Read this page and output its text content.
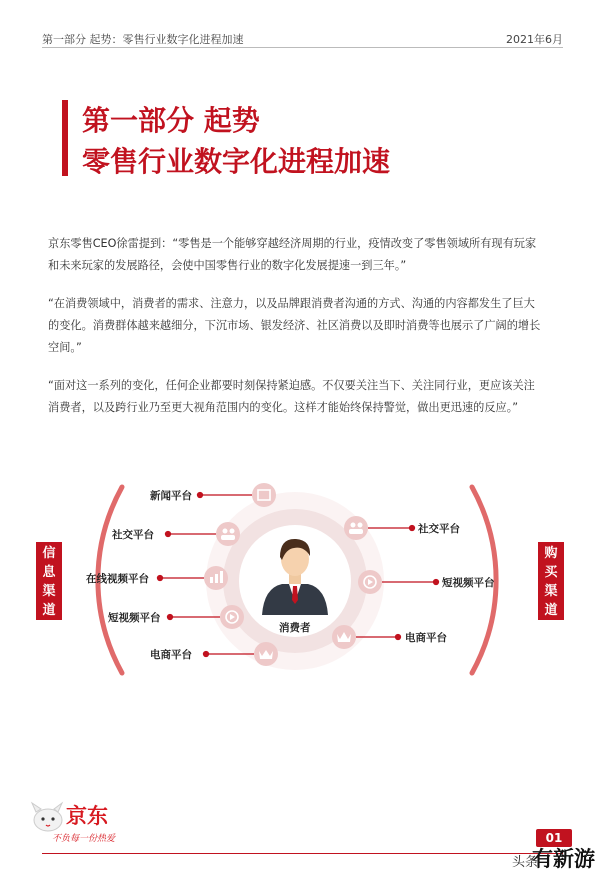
第一部分 起势：零售行业数字化进程加速	2021年6月
第一部分 起势
零售行业数字化进程加速
京东零售CEO徐雷提到：“零售是一个能够穿越经济周期的行业，疫情改变了零售领域所有现有玩家
和未来玩家的发展路径，会使中国零售行业的数字化发展提速一到三年。”
“在消费领域中，消费者的需求、注意力，以及品牌跟消费者沟通的方式、沟通的内容都发生了巨大
的变化。消费群体越来越细分，下沉市场、银发经济、社区消费以及即时消费等也展示了广阔的增长
空间。”
“面对这一系列的变化，任何企业都要时刻保持紧迫感。不仅要关注当下、关注同行业，更应该关注
消费者，以及跨行业乃至更大视角范围内的变化。这样才能始终保持警觉，做出更迅速的反应。”
新闻平台
社交平台
在线视频平台
短视频平台
电商平台
社交平台
短视频平台
电商平台
消费者
信
息
渠
道
购
买
渠
道
京东
不负每一份热爱	01
头条
有新游
